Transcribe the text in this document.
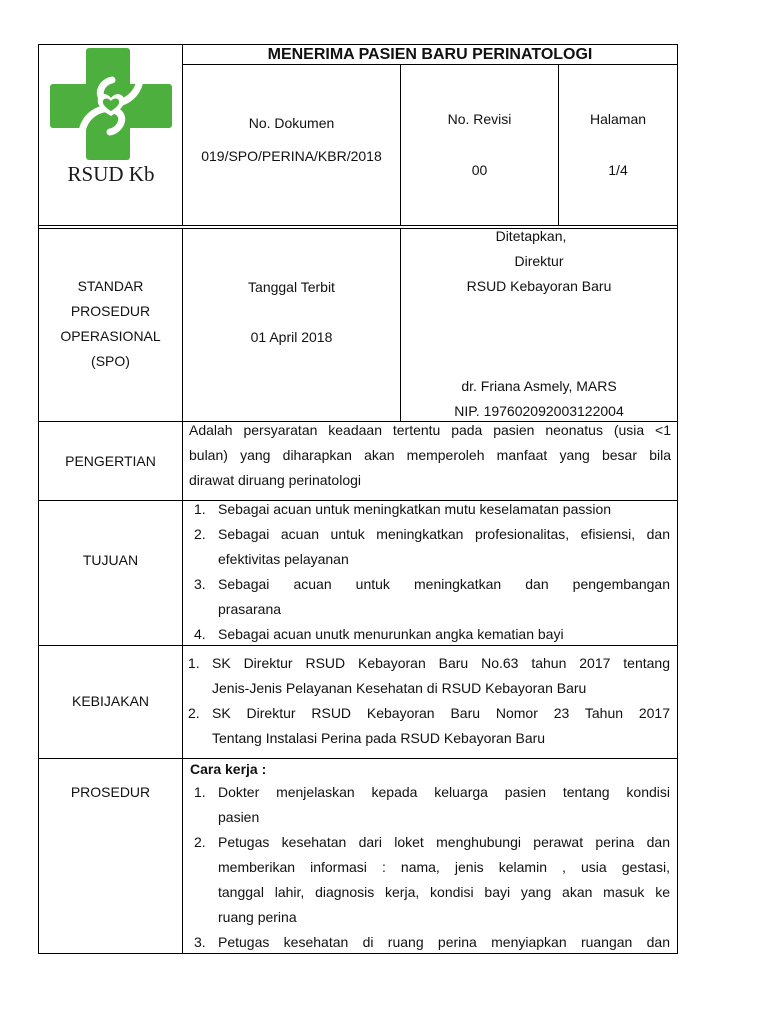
RSUD Kb
MENERIMA PASIEN BARU PERINATOLOGI
No. Dokumen
019/SPO/PERINA/KBR/2018
No. Revisi
00
Halaman
1/4
STANDAR
PROSEDUR
OPERASIONAL
(SPO)
Tanggal Terbit
01 April 2018
Ditetapkan,
Direktur
RSUD Kebayoran Baru
dr. Friana Asmely, MARS
NIP. 197602092003122004
PENGERTIAN
Adalah persyaratan keadaan tertentu pada pasien neonatus (usia <1
bulan) yang diharapkan akan memperoleh manfaat yang besar bila
dirawat diruang perinatologi
TUJUAN
1. Sebagai acuan untuk meningkatkan mutu keselamatan passion
2. Sebagai acuan untuk meningkatkan profesionalitas, efisiensi, dan
efektivitas pelayanan
3. Sebagai acuan untuk meningkatkan dan pengembangan
prasarana
4. Sebagai acuan unutk menurunkan angka kematian bayi
KEBIJAKAN
1. SK Direktur RSUD Kebayoran Baru No.63 tahun 2017 tentang
Jenis-Jenis Pelayanan Kesehatan di RSUD Kebayoran Baru
2. SK Direktur RSUD Kebayoran Baru Nomor 23 Tahun 2017
Tentang Instalasi Perina pada RSUD Kebayoran Baru
PROSEDUR
Cara kerja :
1. Dokter menjelaskan kepada keluarga pasien tentang kondisi
pasien
2. Petugas kesehatan dari loket menghubungi perawat perina dan
memberikan informasi : nama, jenis kelamin , usia gestasi,
tanggal lahir, diagnosis kerja, kondisi bayi yang akan masuk ke
ruang perina
3. Petugas kesehatan di ruang perina menyiapkan ruangan dan
